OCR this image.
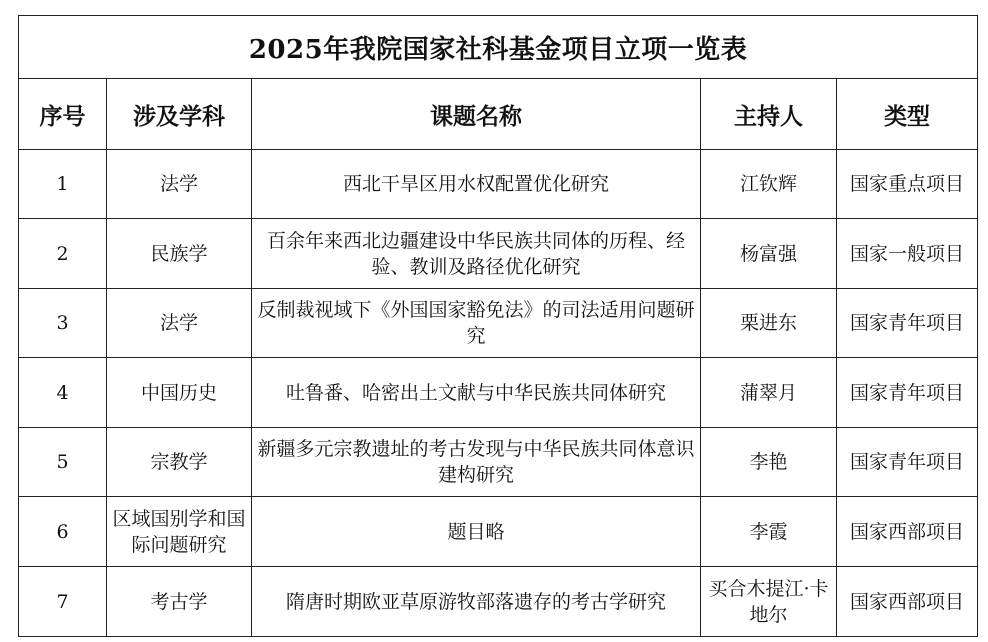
2025年我院国家社科基金项目立项一览表				
序号	涉及学科	课题名称	主持人	类型
1	法学	西北干旱区用水权配置优化研究	江钦辉	国家重点项目
2	民族学	百余年来西北边疆建设中华民族共同体的历程、经验、教训及路径优化研究	杨富强	国家一般项目
3	法学	反制裁视域下《外国国家豁免法》的司法适用问题研究	栗进东	国家青年项目
4	中国历史	吐鲁番、哈密出土文献与中华民族共同体研究	蒲翠月	国家青年项目
5	宗教学	新疆多元宗教遗址的考古发现与中华民族共同体意识建构研究	李艳	国家青年项目
6	区域国别学和国际问题研究	题目略	李霞	国家西部项目
7	考古学	隋唐时期欧亚草原游牧部落遗存的考古学研究	买合木提江·卡地尔	国家西部项目
